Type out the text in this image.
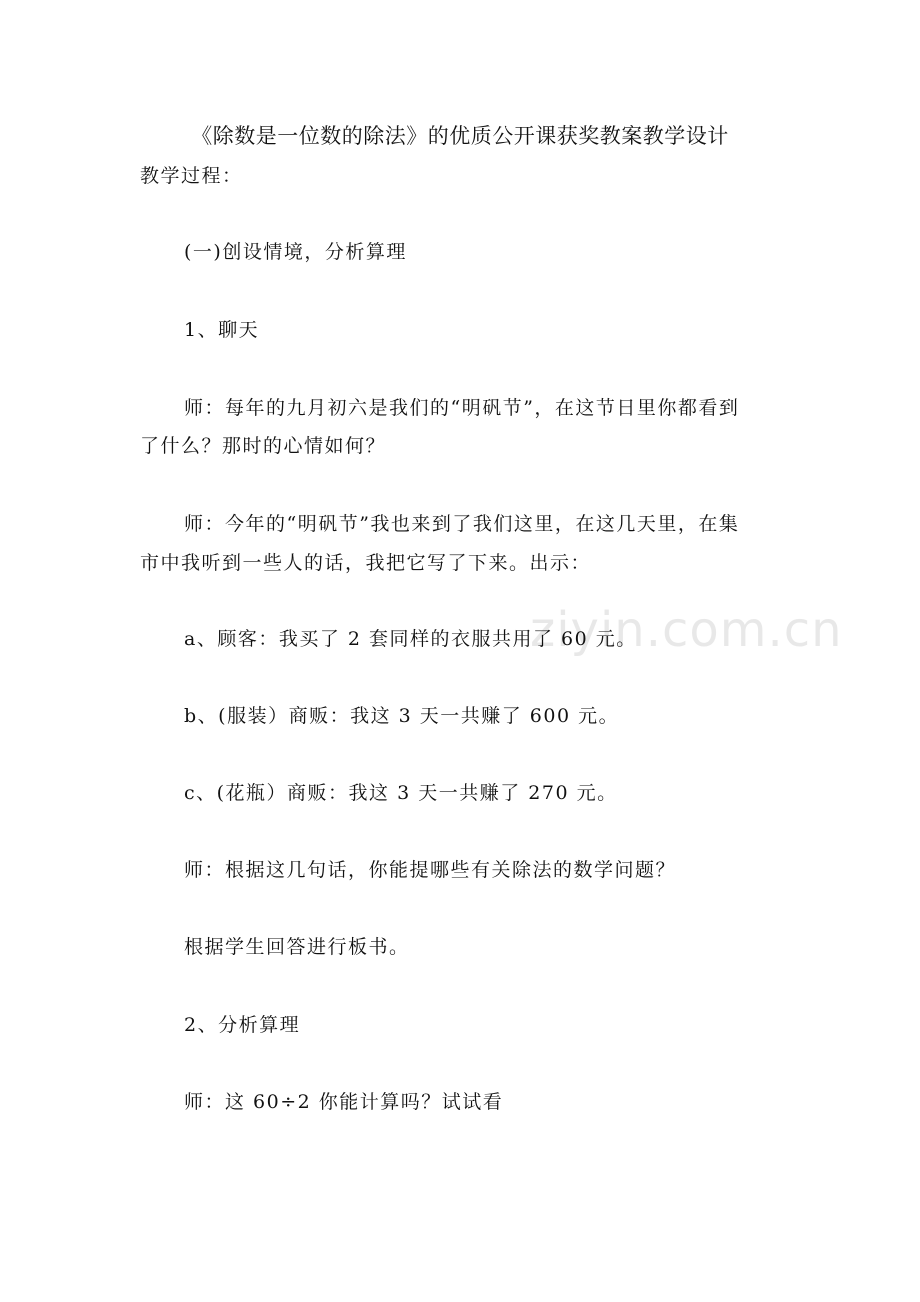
《除数是一位数的除法》的优质公开课获奖教案教学设计
教学过程：
(一)创设情境，分析算理
1、聊天
师：每年的九月初六是我们的“明矾节”，在这节日里你都看到
了什么？那时的心情如何？
师：今年的“明矾节”我也来到了我们这里，在这几天里，在集
市中我听到一些人的话，我把它写了下来。出示：
a、顾客：我买了 2 套同样的衣服共用了 60 元。
b、(服装）商贩：我这 3 天一共赚了 600 元。
c、(花瓶）商贩：我这 3 天一共赚了 270 元。
师：根据这几句话，你能提哪些有关除法的数学问题？
根据学生回答进行板书。
2、分析算理
师：这 60÷2 你能计算吗？试试看
ziyin.com.cn
